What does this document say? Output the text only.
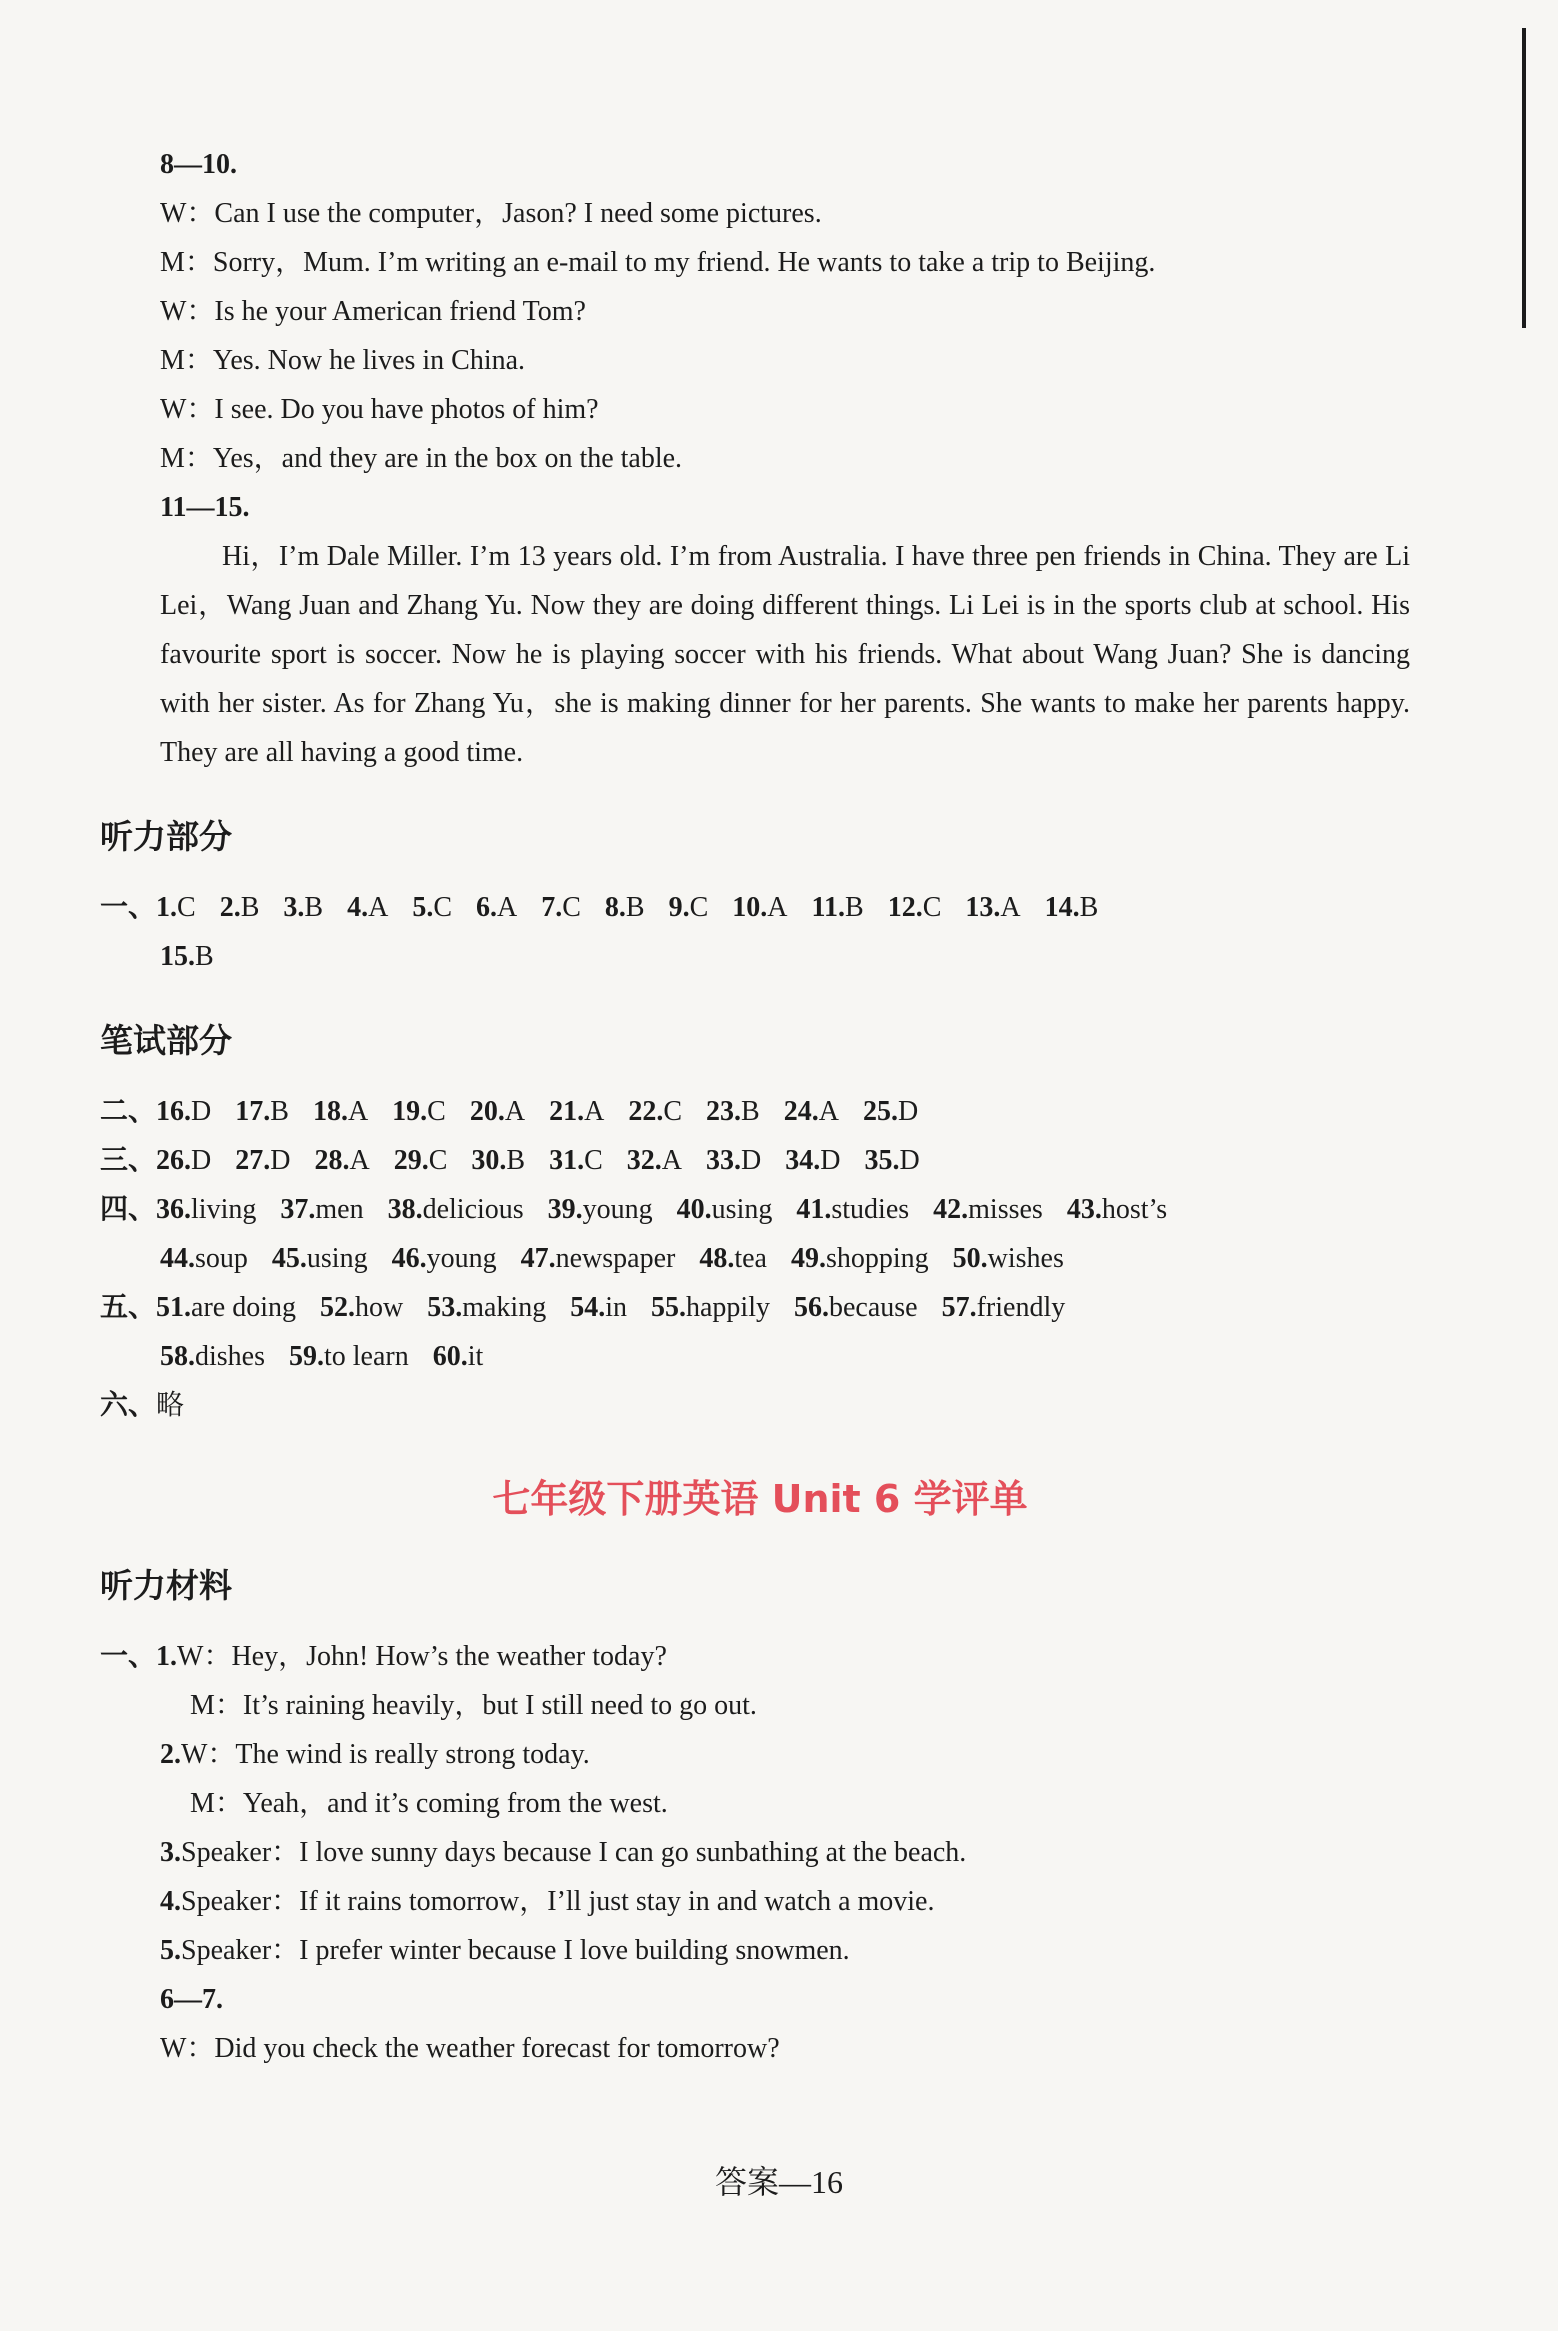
8—10.
W：Can I use the computer，Jason? I need some pictures.
M：Sorry，Mum. I’m writing an e-mail to my friend. He wants to take a trip to Beijing.
W：Is he your American friend Tom?
M：Yes. Now he lives in China.
W：I see. Do you have photos of him?
M：Yes，and they are in the box on the table.
11—15.

Hi，I’m Dale Miller. I’m 13 years old. I’m from Australia. I have three pen friends in China. They are Li Lei，Wang Juan and Zhang Yu. Now they are doing different things. Li Lei is in the sports club at school. His favourite sport is soccer. Now he is playing soccer with his friends. What about Wang Juan? She is dancing with her sister. As for Zhang Yu，she is making dinner for her parents. She wants to make her parents happy. They are all having a good time.

听力部分
一、1.C 2.B 3.B 4.A 5.C 6.A 7.C 8.B 9.C 10.A 11.B 12.C 13.A 14.B
15.B
笔试部分
二、16.D 17.B 18.A 19.C 20.A 21.A 22.C 23.B 24.A 25.D
三、26.D 27.D 28.A 29.C 30.B 31.C 32.A 33.D 34.D 35.D
四、36.living 37.men 38.delicious 39.young 40.using 41.studies 42.misses 43.host’s
44.soup 45.using 46.young 47.newspaper 48.tea 49.shopping 50.wishes
五、51.are doing 52.how 53.making 54.in 55.happily 56.because 57.friendly
58.dishes 59.to learn 60.it
六、略
七年级下册英语 Unit 6 学评单
听力材料
一、1.W：Hey，John! How’s the weather today?
M：It’s raining heavily，but I still need to go out.
2.W：The wind is really strong today.
M：Yeah，and it’s coming from the west.
3.Speaker：I love sunny days because I can go sunbathing at the beach.
4.Speaker：If it rains tomorrow，I’ll just stay in and watch a movie.
5.Speaker：I prefer winter because I love building snowmen.
6—7.
W：Did you check the weather forecast for tomorrow?
答案—16
